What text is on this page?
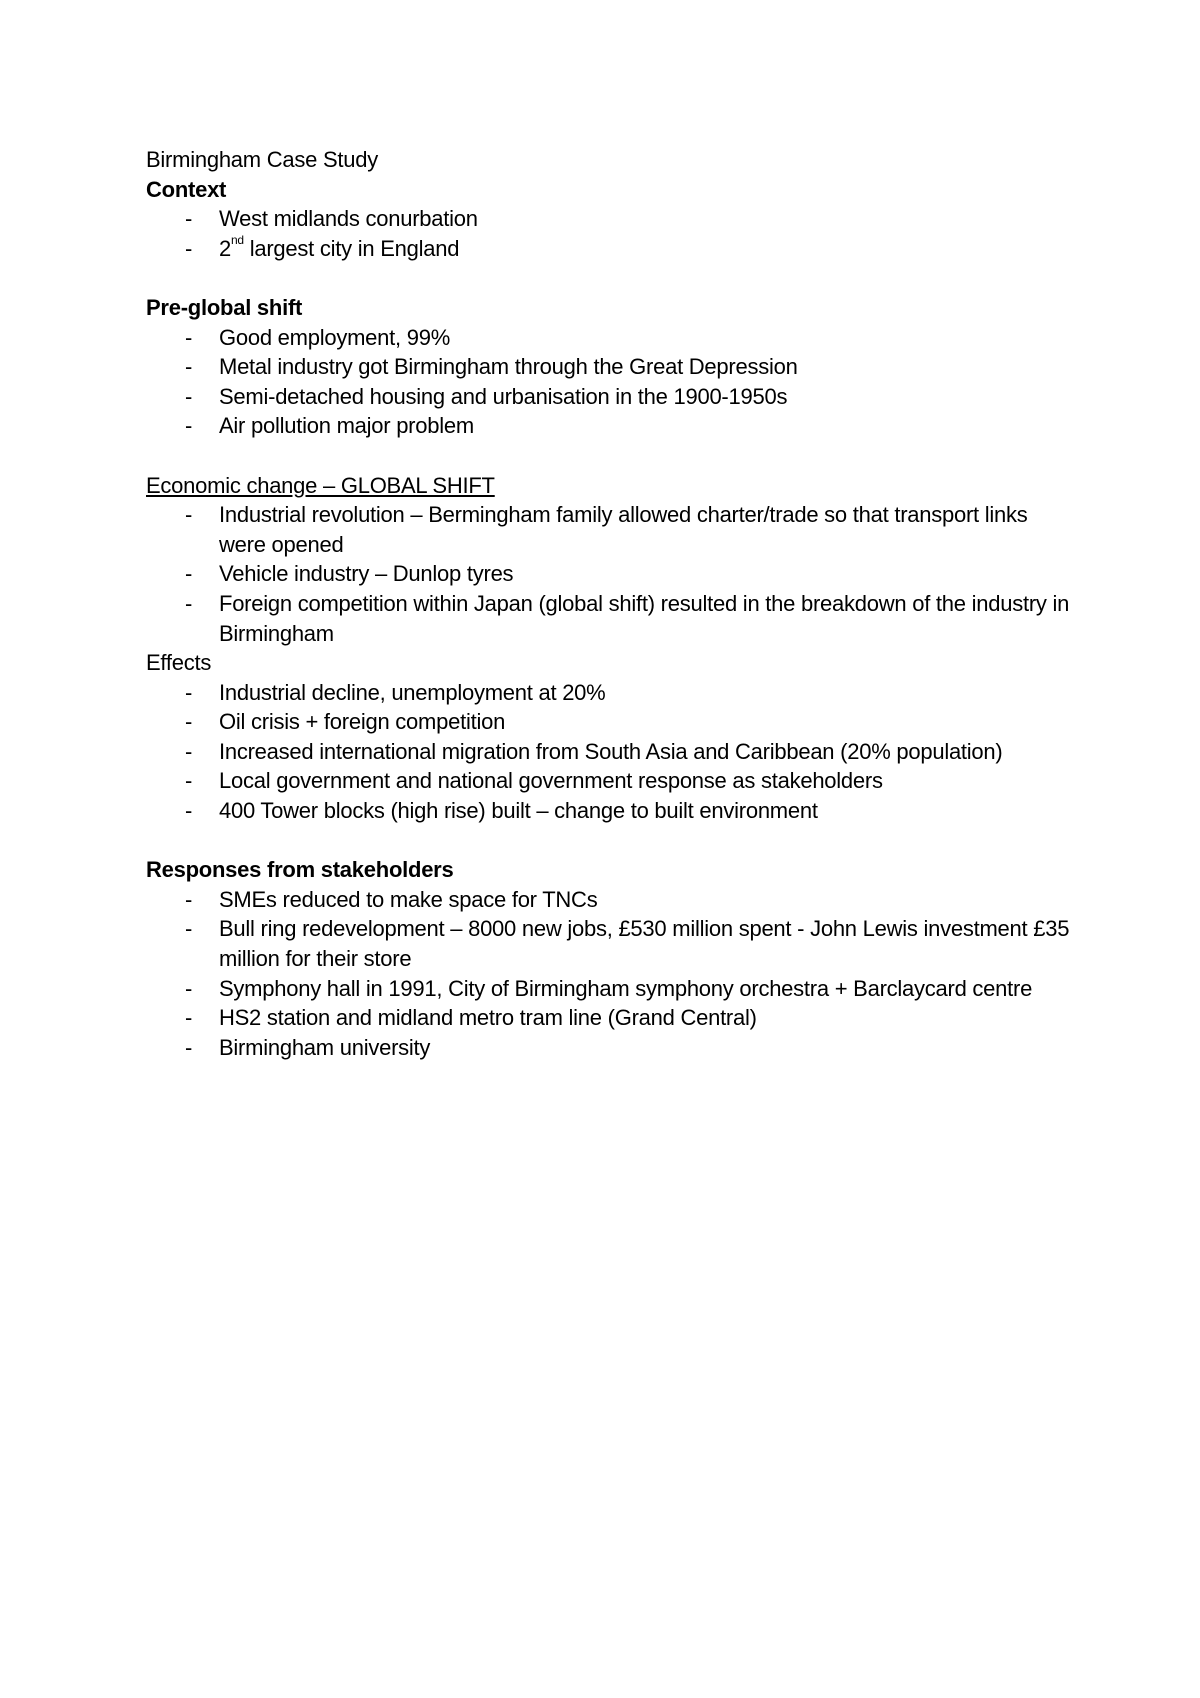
Birmingham Case Study

Context

- West midlands conurbation
- 2nd largest city in England

Pre-global shift

- Good employment, 99%
- Metal industry got Birmingham through the Great Depression
- Semi-detached housing and urbanisation in the 1900-1950s
- Air pollution major problem

Economic change – GLOBAL SHIFT

- Industrial revolution – Bermingham family allowed charter/trade so that transport links were opened
- Vehicle industry – Dunlop tyres
- Foreign competition within Japan (global shift) resulted in the breakdown of the industry in Birmingham

Effects

- Industrial decline, unemployment at 20%
- Oil crisis + foreign competition
- Increased international migration from South Asia and Caribbean (20% population)
- Local government and national government response as stakeholders
- 400 Tower blocks (high rise) built – change to built environment

Responses from stakeholders

- SMEs reduced to make space for TNCs
- Bull ring redevelopment – 8000 new jobs, £530 million spent - John Lewis investment £35 million for their store
- Symphony hall in 1991, City of Birmingham symphony orchestra + Barclaycard centre
- HS2 station and midland metro tram line (Grand Central)
- Birmingham university
